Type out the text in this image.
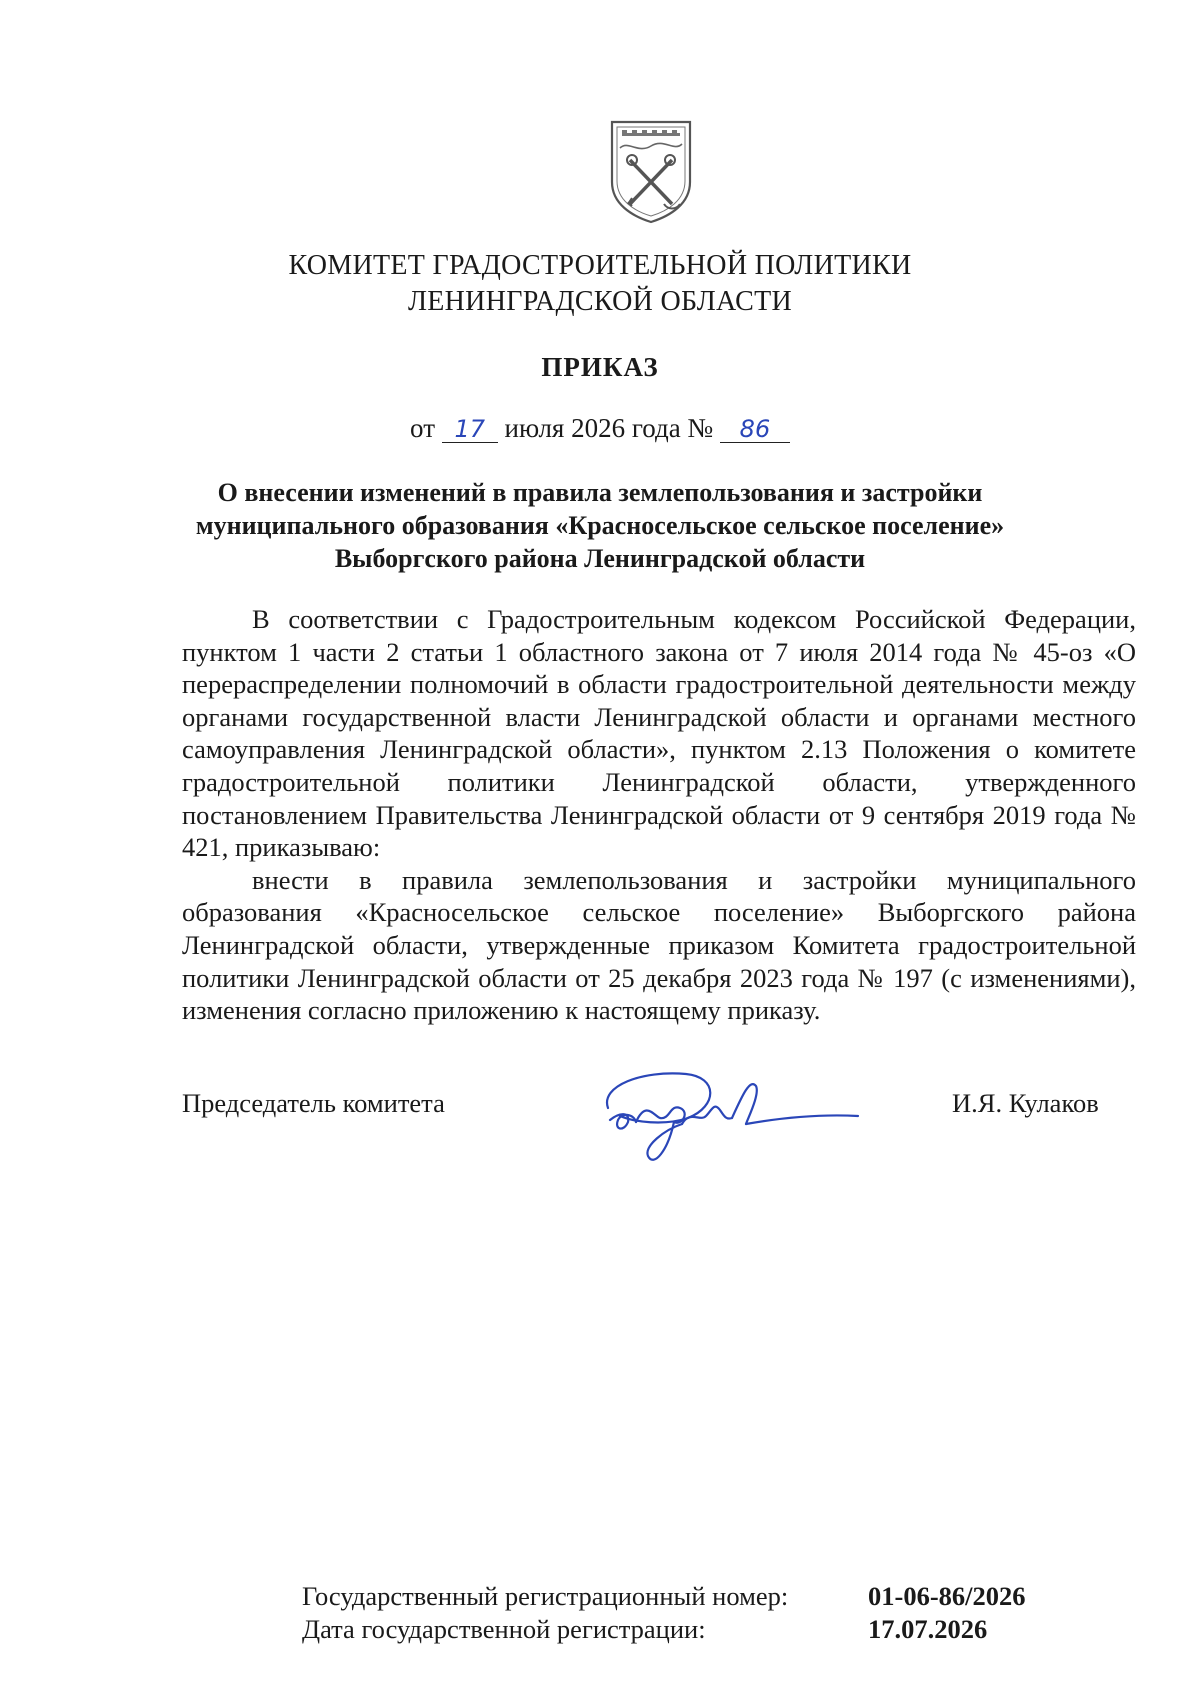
КОМИТЕТ ГРАДОСТРОИТЕЛЬНОЙ ПОЛИТИКИ
ЛЕНИНГРАДСКОЙ ОБЛАСТИ
ПРИКАЗ
от 17 июля 2026 года № 86
О внесении изменений в правила землепользования и застройки
муниципального образования «Красносельское сельское поселение»
Выборгского района Ленинградской области

В соответствии с Градостроительным кодексом Российской Федерации, пунктом 1 части 2 статьи 1 областного закона от 7 июля 2014 года № 45-оз «О перераспределении полномочий в области градостроительной деятельности между органами государственной власти Ленинградской области и органами местного самоуправления Ленинградской области», пунктом 2.13 Положения о комитете градостроительной политики Ленинградской области, утвержденного постановлением Правительства Ленинградской области от 9 сентября 2019 года № 421, приказываю:

внести в правила землепользования и застройки муниципального образования «Красносельское сельское поселение» Выборгского района Ленинградской области, утвержденные приказом Комитета градостроительной политики Ленинградской области от 25 декабря 2023 года № 197 (с изменениями), изменения согласно приложению к настоящему приказу.

Председатель комитета	И.Я. Кулаков
Государственный регистрационный номер:
Дата государственной регистрации:
01-06-86/2026
17.07.2026
